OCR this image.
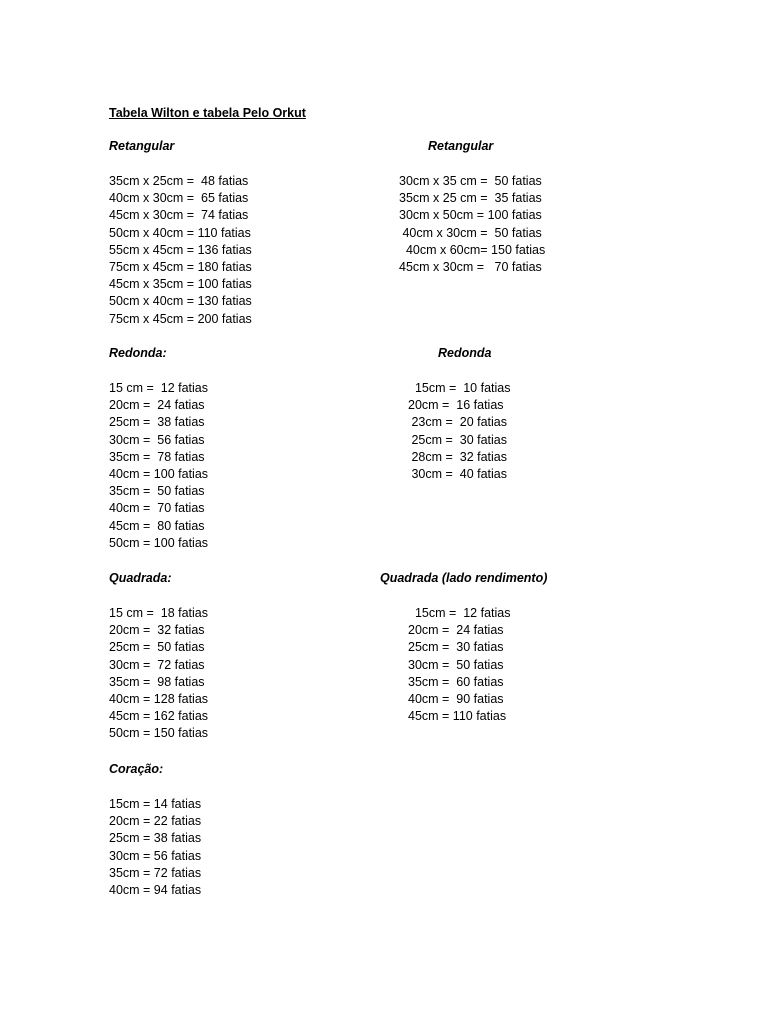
Tabela Wilton e tabela Pelo Orkut
Retangular	Retangular
35cm x 25cm =  48 fatias
40cm x 30cm =  65 fatias
45cm x 30cm =  74 fatias
50cm x 40cm = 110 fatias
55cm x 45cm = 136 fatias
75cm x 45cm = 180 fatias
45cm x 35cm = 100 fatias
50cm x 40cm = 130 fatias
75cm x 45cm = 200 fatias
30cm x 35 cm =  50 fatias
35cm x 25 cm =  35 fatias
30cm x 50cm = 100 fatias
40cm x 30cm =  50 fatias
40cm x 60cm= 150 fatias
45cm x 30cm =   70 fatias
Redonda:	Redonda
15 cm =  12 fatias
20cm =  24 fatias
25cm =  38 fatias
30cm =  56 fatias
35cm =  78 fatias
40cm = 100 fatias
35cm =  50 fatias
40cm =  70 fatias
45cm =  80 fatias
50cm = 100 fatias
15cm =  10 fatias
20cm =  16 fatias
23cm =  20 fatias
25cm =  30 fatias
28cm =  32 fatias
30cm =  40 fatias
Quadrada:	Quadrada (lado rendimento)
15 cm =  18 fatias
20cm =  32 fatias
25cm =  50 fatias
30cm =  72 fatias
35cm =  98 fatias
40cm = 128 fatias
45cm = 162 fatias
50cm = 150 fatias
15cm =  12 fatias
20cm =  24 fatias
25cm =  30 fatias
30cm =  50 fatias
35cm =  60 fatias
40cm =  90 fatias
45cm = 110 fatias
Coração:
15cm = 14 fatias
20cm = 22 fatias
25cm = 38 fatias
30cm = 56 fatias
35cm = 72 fatias
40cm = 94 fatias
